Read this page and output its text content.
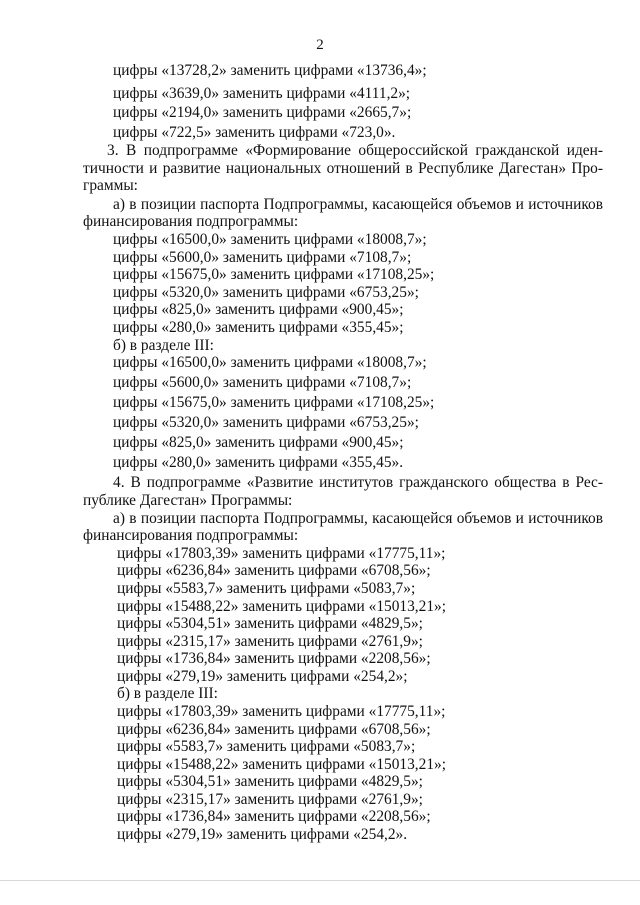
2
цифры «13728,2» заменить цифрами «13736,4»;
цифры «3639,0» заменить цифрами «4111,2»;
цифры «2194,0» заменить цифрами «2665,7»;
цифры «722,5» заменить цифрами «723,0».
3. В подпрограмме «Формирование общероссийской гражданской иден-
тичности и развитие национальных отношений в Республике Дагестан» Про-
граммы:
а) в позиции паспорта Подпрограммы, касающейся объемов и источников
финансирования подпрограммы:
цифры «16500,0» заменить цифрами «18008,7»;
цифры «5600,0» заменить цифрами «7108,7»;
цифры «15675,0» заменить цифрами «17108,25»;
цифры «5320,0» заменить цифрами «6753,25»;
цифры «825,0» заменить цифрами «900,45»;
цифры «280,0» заменить цифрами «355,45»;
б) в разделе III:
цифры «16500,0» заменить цифрами «18008,7»;
цифры «5600,0» заменить цифрами «7108,7»;
цифры «15675,0» заменить цифрами «17108,25»;
цифры «5320,0» заменить цифрами «6753,25»;
цифры «825,0» заменить цифрами «900,45»;
цифры «280,0» заменить цифрами «355,45».
4. В подпрограмме «Развитие институтов гражданского общества в Рес-
публике Дагестан» Программы:
а) в позиции паспорта Подпрограммы, касающейся объемов и источников
финансирования подпрограммы:
цифры «17803,39» заменить цифрами «17775,11»;
цифры «6236,84» заменить цифрами «6708,56»;
цифры «5583,7» заменить цифрами «5083,7»;
цифры «15488,22» заменить цифрами «15013,21»;
цифры «5304,51» заменить цифрами «4829,5»;
цифры «2315,17» заменить цифрами «2761,9»;
цифры «1736,84» заменить цифрами «2208,56»;
цифры «279,19» заменить цифрами «254,2»;
б) в разделе III:
цифры «17803,39» заменить цифрами «17775,11»;
цифры «6236,84» заменить цифрами «6708,56»;
цифры «5583,7» заменить цифрами «5083,7»;
цифры «15488,22» заменить цифрами «15013,21»;
цифры «5304,51» заменить цифрами «4829,5»;
цифры «2315,17» заменить цифрами «2761,9»;
цифры «1736,84» заменить цифрами «2208,56»;
цифры «279,19» заменить цифрами «254,2».
